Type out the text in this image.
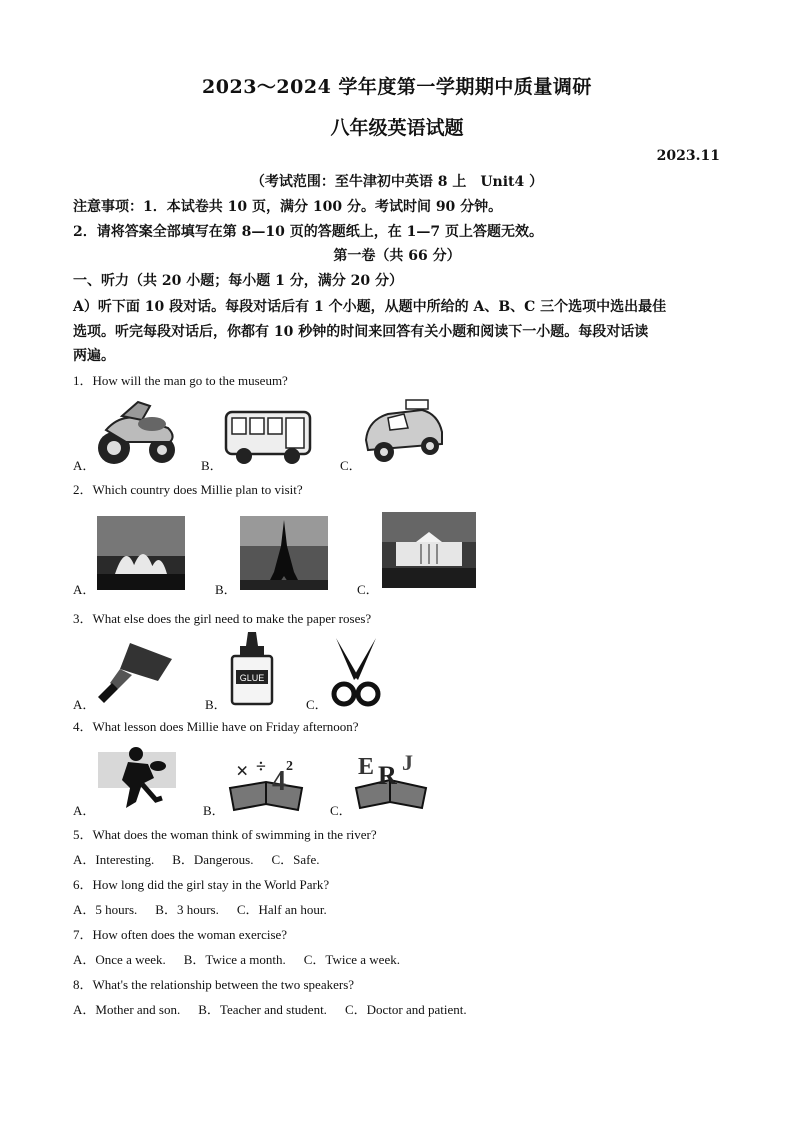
2023～2024 学年度第一学期期中质量调研
八年级英语试题
2023.11
（考试范围：至牛津初中英语 8 上　Unit4 ）
注意事项：1．本试卷共 10 页，满分 100 分。考试时间 90 分钟。
2．请将答案全部填写在第 8—10 页的答题纸上，在 1—7 页上答题无效。
第一卷（共 66 分）
一、听力（共 20 小题；每小题 1 分，满分 20 分）
A）听下面 10 段对话。每段对话后有 1 个小题，从题中所给的 A、B、C 三个选项中选出最佳
选项。听完每段对话后，你都有 10 秒钟的时间来回答有关小题和阅读下一小题。每段对话读
两遍。
1．How will the man go to the museum?
A．	B．	C．
2．Which country does Millie plan to visit?
A．	B．	C．
3．What else does the girl need to make the paper roses?
A．	B．
GLUE
C．
4．What lesson does Millie have on Friday afternoon?
A．	B．
× ÷ 4 2
C．
E R J
5．What does the woman think of swimming in the river?
A．Interesting. B．Dangerous. C．Safe.
6．How long did the girl stay in the World Park?
A．5 hours. B．3 hours. C．Half an hour.
7．How often does the woman exercise?
A．Once a week. B．Twice a month. C．Twice a week.
8．What's the relationship between the two speakers?
A．Mother and son. B．Teacher and student. C．Doctor and patient.
